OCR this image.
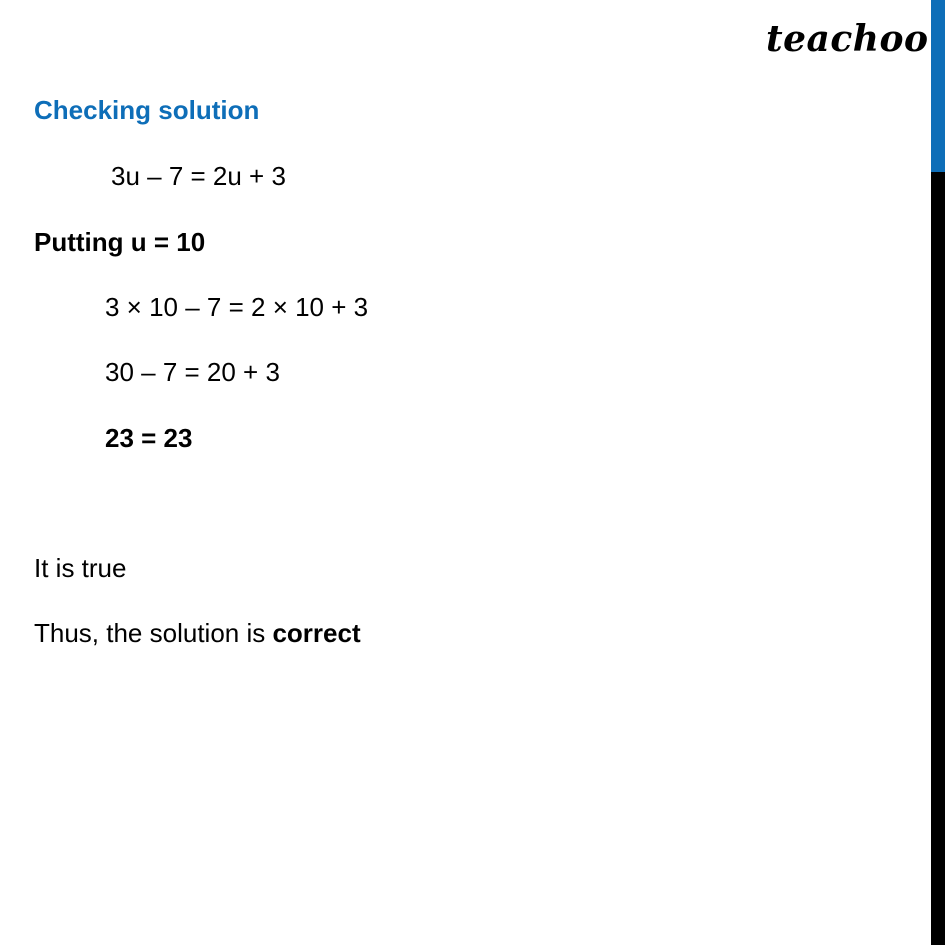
teachoo
Checking solution
3u – 7 = 2u + 3
Putting u = 10
3 × 10 – 7 = 2 × 10 + 3
30 – 7 = 20 + 3
23 = 23
It is true
Thus, the solution is correct
